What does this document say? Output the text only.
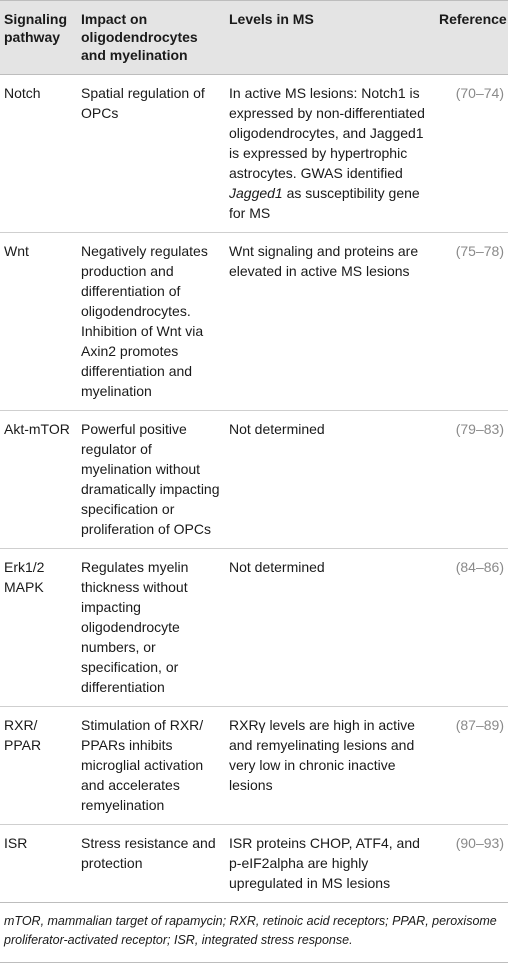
Signaling pathway	Impact on oligodendrocytes and myelination	Levels in MS	Reference
Notch	Spatial regulation of OPCs	In active MS lesions: Notch1 is expressed by non-differentiated oligodendrocytes, and Jagged1 is expressed by hypertrophic astrocytes. GWAS identified Jagged1 as susceptibility gene for MS	(70–74)
Wnt	Negatively regulates production and differentiation of oligodendrocytes. Inhibition of Wnt via Axin2 promotes differentiation and myelination	Wnt signaling and proteins are elevated in active MS lesions	(75–78)
Akt-mTOR	Powerful positive regulator of myelination without dramatically impacting specification or proliferation of OPCs	Not determined	(79–83)
Erk1/2 MAPK	Regulates myelin thickness without impacting oligodendrocyte numbers, or specification, or differentiation	Not determined	(84–86)
RXR/ PPAR	Stimulation of RXR/ PPARs inhibits microglial activation and accelerates remyelination	RXRγ levels are high in active and remyelinating lesions and very low in chronic inactive lesions	(87–89)
ISR	Stress resistance and protection	ISR proteins CHOP, ATF4, and p-eIF2alpha are highly upregulated in MS lesions	(90–93)
mTOR, mammalian target of rapamycin; RXR, retinoic acid receptors; PPAR, peroxisome proliferator-activated receptor; ISR, integrated stress response.
